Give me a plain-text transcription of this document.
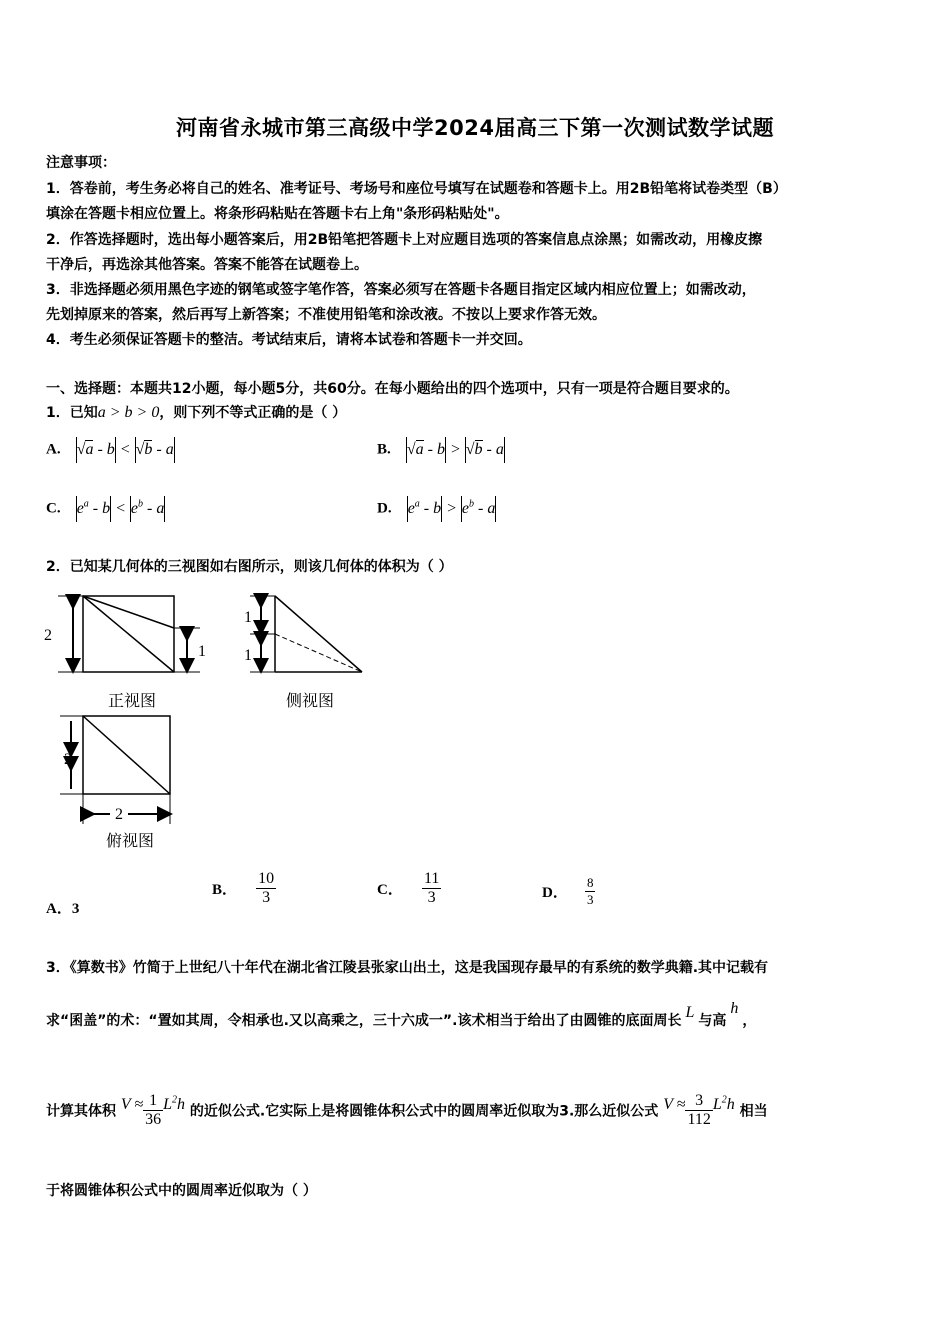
河南省永城市第三高级中学2024届高三下第一次测试数学试题
注意事项：
1．答卷前，考生务必将自己的姓名、准考证号、考场号和座位号填写在试题卷和答题卡上。用2B铅笔将试卷类型（B）
填涂在答题卡相应位置上。将条形码粘贴在答题卡右上角"条形码粘贴处"。
2．作答选择题时，选出每小题答案后，用2B铅笔把答题卡上对应题目选项的答案信息点涂黑；如需改动，用橡皮擦
干净后，再选涂其他答案。答案不能答在试题卷上。
3．非选择题必须用黑色字迹的钢笔或签字笔作答，答案必须写在答题卡各题目指定区域内相应位置上；如需改动，
先划掉原来的答案，然后再写上新答案；不准使用铅笔和涂改液。不按以上要求作答无效。
4．考生必须保证答题卡的整洁。考试结束后，请将本试卷和答题卡一并交回。
一、选择题：本题共12小题，每小题5分，共60分。在每小题给出的四个选项中，只有一项是符合题目要求的。
1．已知a > b > 0，则下列不等式正确的是（ ）
A. √a - b < √b - a	B. √a - b > √b - a
C. $e^a - b < e^b - a$	D. $e^a - b > e^b - a$
2．已知某几何体的三视图如右图所示，则该几何体的体积为（ ）
2
1
正视图
1
1
侧视图
2
2
俯视图
A．3
B． $\frac{10}{3}$	C． $\frac{11}{3}$	D． $\frac{8}{3}$
3．《算数书》竹简于上世纪八十年代在湖北省江陵县张家山出土，这是我国现存最早的有系统的数学典籍.其中记载有
求“囷盖”的术：“置如其周，令相承也.又以高乘之，三十六成一”.该术相当于给出了由圆锥的底面周长 L 与高h，
计算其体积 $V \approx \frac{1}{36} L^2h$ 的近似公式.它实际上是将圆锥体积公式中的圆周率近似取为3.那么近似公式 $V \approx \frac{3}{112} L^2h$ 相当
于将圆锥体积公式中的圆周率近似取为（ ）
